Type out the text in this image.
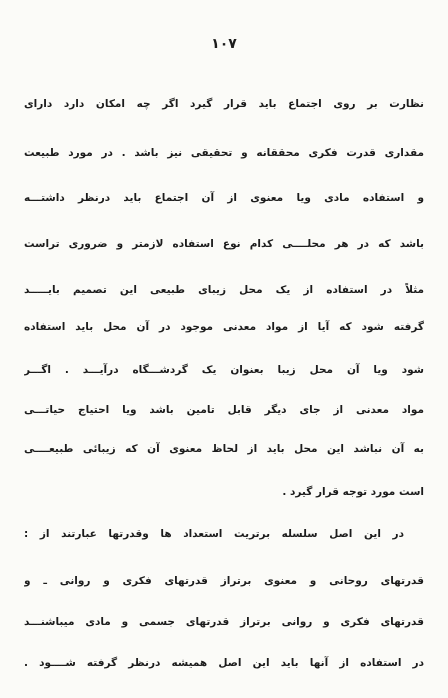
۱۰۷
نظارت بر روی اجتماع باید قرار گیرد اگر چه امکان دارد دارای
مقداری قدرت فکری محققانه و تحقیقی نیز باشد . در مورد طبیعت
و استفاده مادی ویا معنوی از آن اجتماع باید درنظر داشتـــه
باشد که در هر محلــــی کدام نوع استفاده لازمتر و ضروری تراست
مثلاً در استفاده از یک محل زیبای طبیعی این تصمیم بایـــــد
گرفته شود که آیا از مواد معدنی موجود در آن محل باید استفاده
شود ویا آن محل زیبا بعنوان یک گردشـــگاه درآیـــد . اگـــر
مواد معدنی از جای دیگر قابل تامین باشد ویا احتیاج حیاتـــی
به آن نباشد این محل باید از لحاظ معنوی آن که زیبائی طبیعــــی
است مورد توجه قرار گیرد .
در این اصل سلسله برتریت استعداد ها وقدرتها عبارتند از :
قدرتهای روحانی و معنوی برتراز قدرتهای فکری و روانی ـ و
قدرتهای فکری و روانی برتراز قدرتهای جسمی و مادی میباشنـــد
در استفاده از آنها باید این اصل همیشه درنظر گرفته شــــود .
